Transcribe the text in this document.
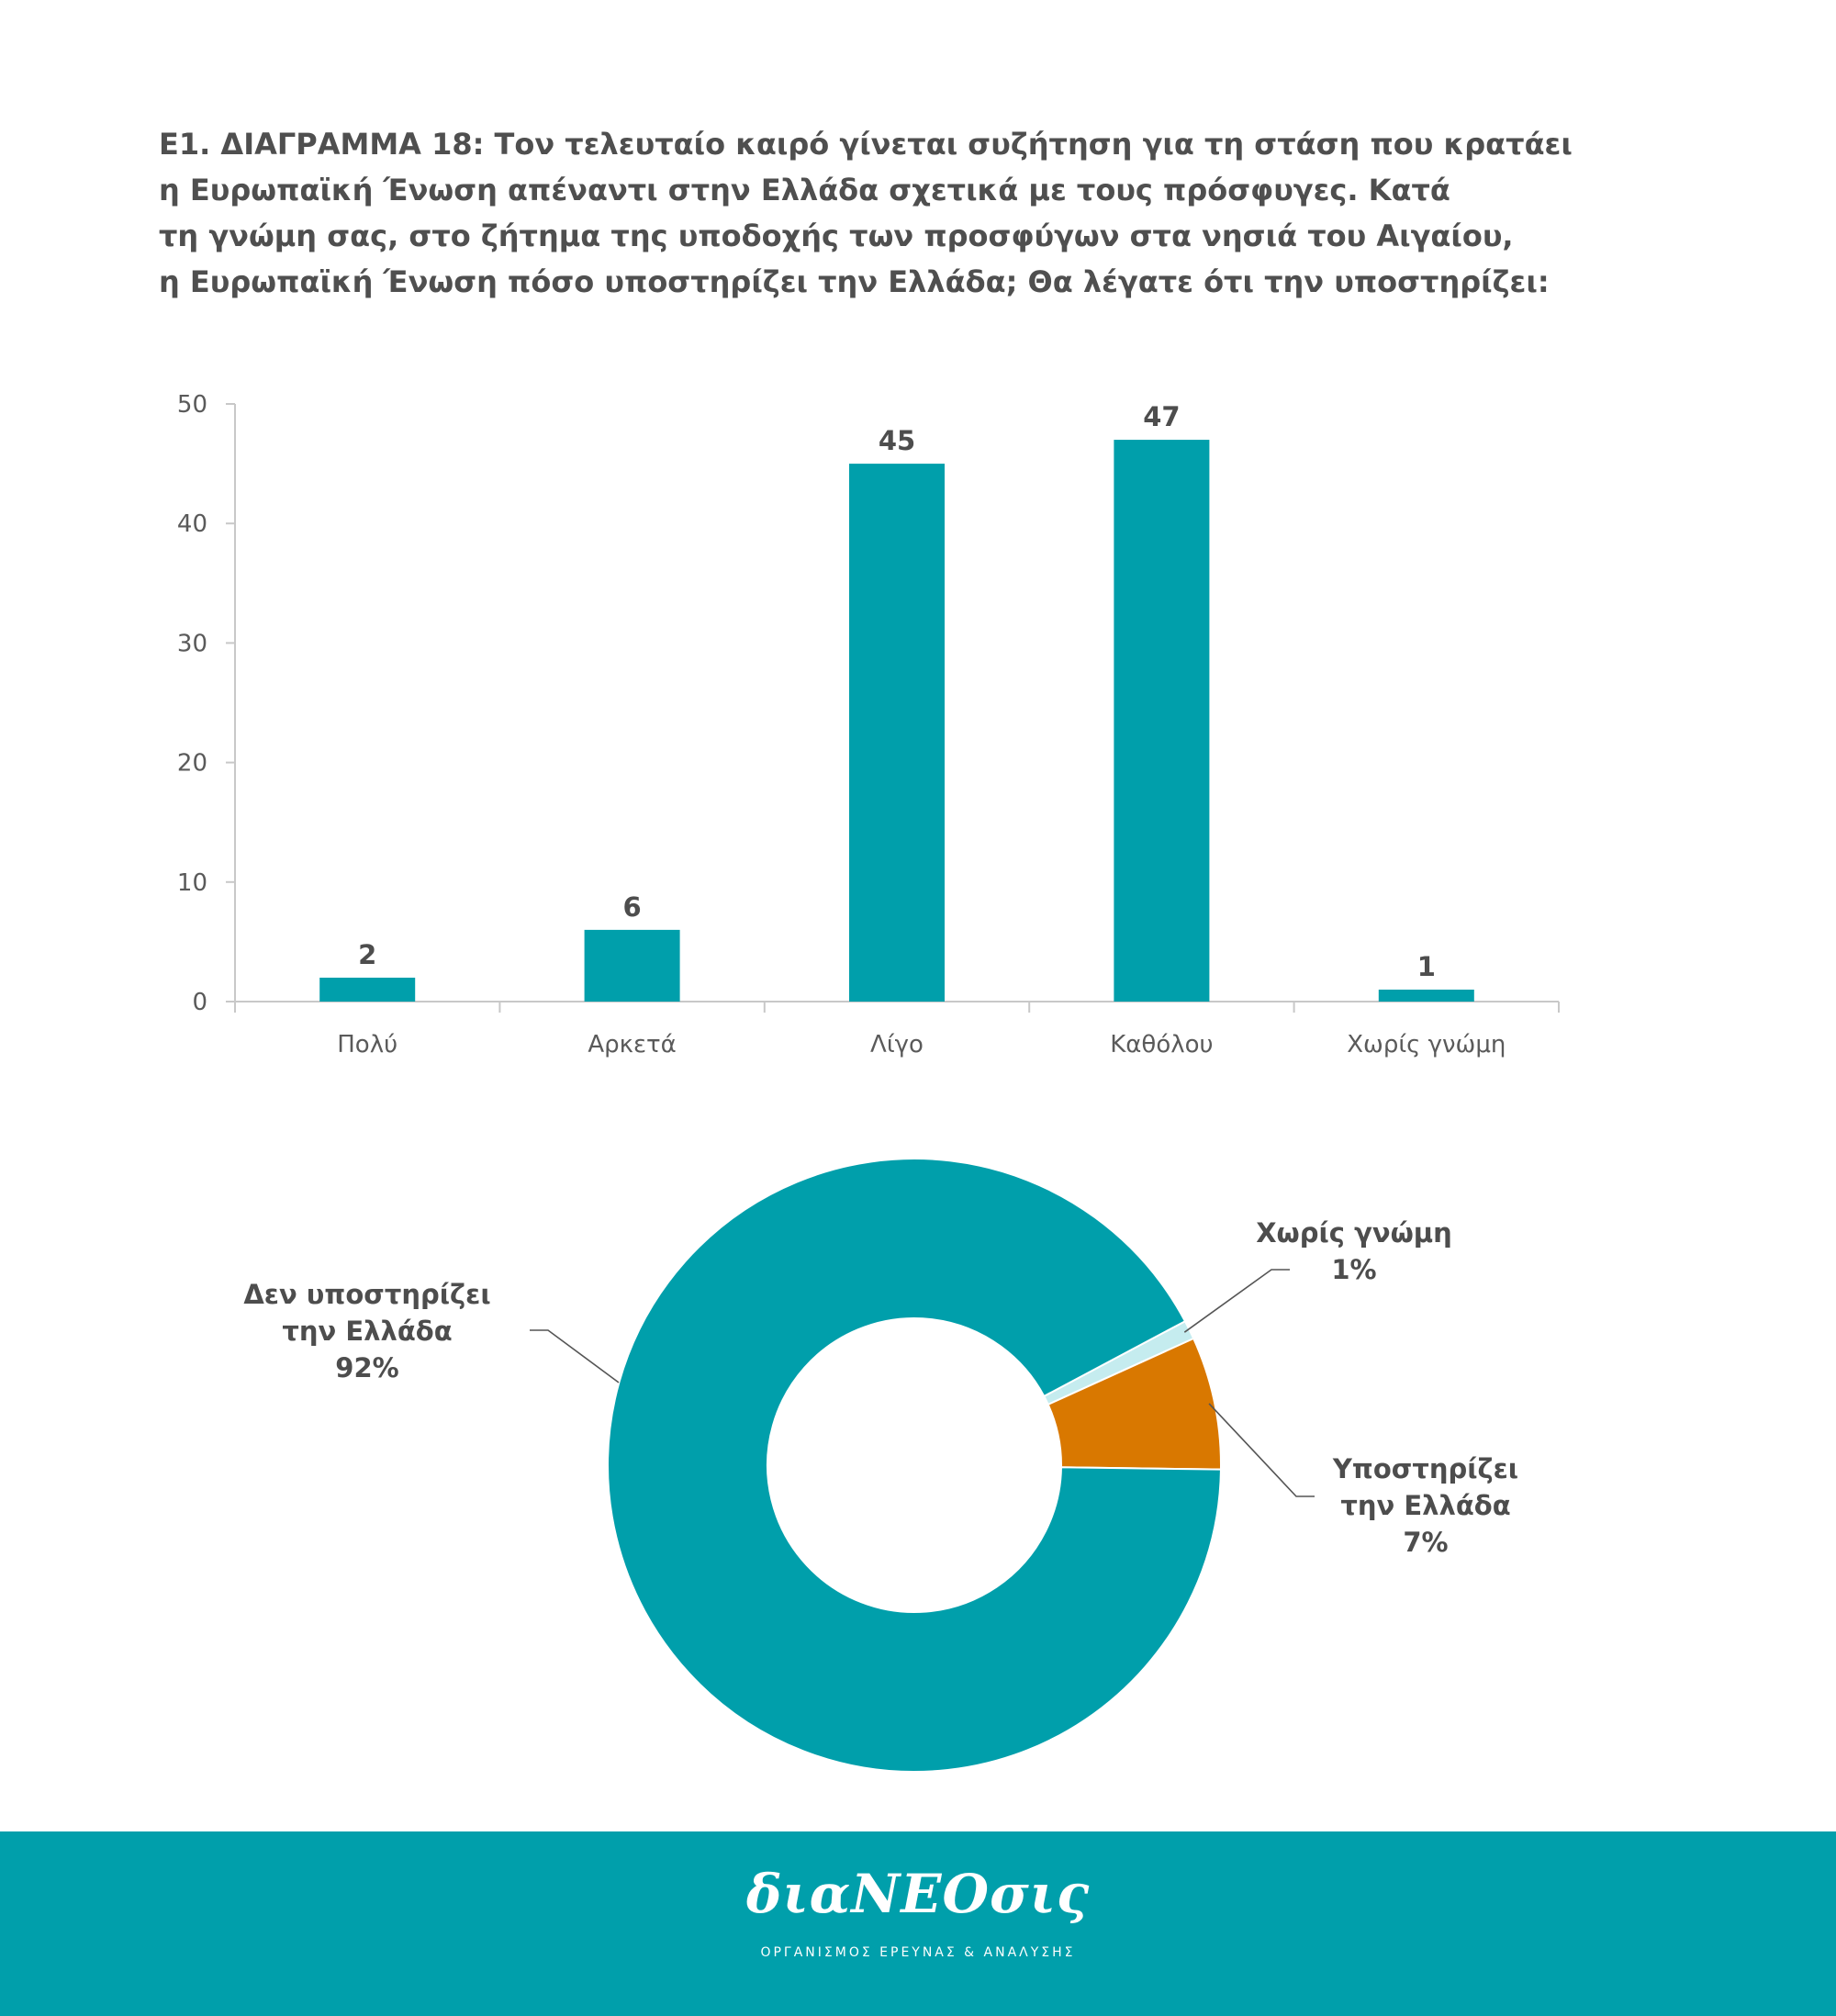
Ε1. ΔΙΑΓΡΑΜΜΑ 18: Τον τελευταίο καιρό γίνεται συζήτηση για τη στάση που κρατάει
η Ευρωπαϊκή Ένωση απέναντι στην Ελλάδα σχετικά με τους πρόσφυγες. Κατά
τη γνώμη σας, στο ζήτημα της υποδοχής των προσφύγων στα νησιά του Αιγαίου,
η Ευρωπαϊκή Ένωση πόσο υποστηρίζει την Ελλάδα; Θα λέγατε ότι την υποστηρίζει:
0
10
20
30
40
50
2
Πολύ
6
Αρκετά
45
Λίγο
47
Καθόλου
1
Χωρίς γνώμη
Χωρίς γνώμη
1%
Υποστηρίζει
την Ελλάδα
7%
Δεν υποστηρίζει
την Ελλάδα
92%
διαΝΕΟσις
ΟΡΓΑΝΙΣΜΟΣ ΕΡΕΥΝΑΣ & ΑΝΑΛΥΣΗΣ
